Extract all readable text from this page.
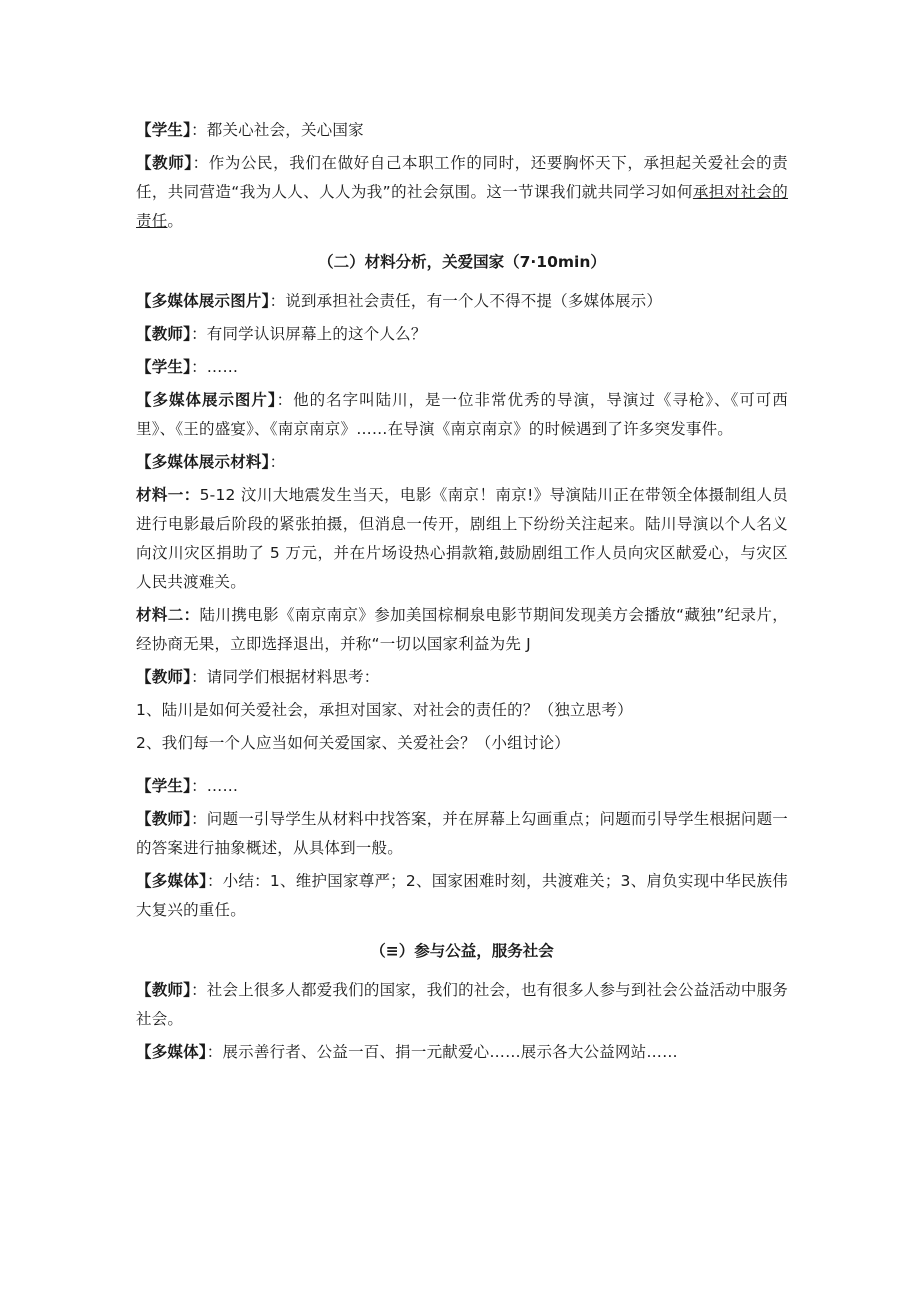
【学生】：都关心社会，关心国家

【教师】：作为公民，我们在做好自己本职工作的同时，还要胸怀天下，承担起关爱社会的责任，共同营造“我为人人、人人为我”的社会氛围。这一节课我们就共同学习如何承担对社会的责任。

（二）材料分析，关爱国家（7·10min）

【多媒体展示图片】：说到承担社会责任，有一个人不得不提（多媒体展示）

【教师】：有同学认识屏幕上的这个人么？

【学生】：……

【多媒体展示图片】：他的名字叫陆川，是一位非常优秀的导演，导演过《寻枪》、《可可西里》、《王的盛宴》、《南京南京》……在导演《南京南京》的时候遇到了许多突发事件。

【多媒体展示材料】：

材料一：5-12 汶川大地震发生当天，电影《南京！南京!》导演陆川正在带领全体摄制组人员进行电影最后阶段的紧张拍摄，但消息一传开，剧组上下纷纷关注起来。陆川导演以个人名义向汶川灾区捐助了 5 万元，并在片场设热心捐款箱,鼓励剧组工作人员向灾区献爱心，与灾区人民共渡难关。

材料二：陆川携电影《南京南京》参加美国棕桐泉电影节期间发现美方会播放“藏独”纪录片，经协商无果，立即选择退出，并称“一切以国家利益为先 J

【教师】：请同学们根据材料思考：

1、陆川是如何关爱社会，承担对国家、对社会的责任的？（独立思考）

2、我们每一个人应当如何关爱国家、关爱社会？（小组讨论）

【学生】：……

【教师】：问题一引导学生从材料中找答案，并在屏幕上勾画重点；问题而引导学生根据问题一的答案进行抽象概述，从具体到一般。

【多媒体】：小结：1、维护国家尊严；2、国家困难时刻，共渡难关；3、肩负实现中华民族伟大复兴的重任。

（≡）参与公益，服务社会

【教师】：社会上很多人都爱我们的国家，我们的社会，也有很多人参与到社会公益活动中服务社会。

【多媒体】：展示善行者、公益一百、捐一元献爱心……展示各大公益网站……
